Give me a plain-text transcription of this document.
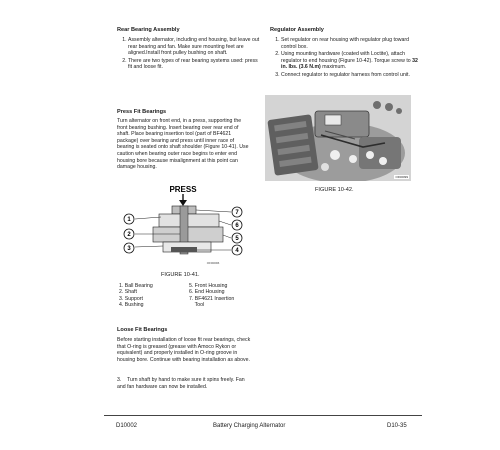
Rear Bearing Assembly
1. Assembly alternator, including end housing, but leave out rear bearing and fan. Make sure mounting feet are aligned.Install front pulley bushing on shaft.
2. There are two types of rear bearing systems used: press fit and loose fit.
Press Fit Bearings
Turn alternator on front end, in a press, supporting the front bearing bushing. Insert bearing over rear end of shaft. Place bearing insertion tool (part of BF4621 package) over bearing and press until inner race of bearing is seated onto shaft shoulder (Figure 10-41). Use caution when bearing outer race begins to enter end housing bore because misalignment at this point can damage housing.
PRESS
1
2
3	4
5
6
7
OF00096
FIGURE 10-41.
1. Ball Bearing
2. Shaft
3. Support
4. Bushing
5. Front Housing
6. End Housing
7. BF4621 Insertion
Tool
Loose Fit Bearings
Before starting installation of loose fit rear bearings, check that O-ring is greased (grease with Amoco Rykon or equivalent) and properly installed in O-ring groove in housing bore. Continue with bearing installation as above.
3. Turn shaft by hand to make sure it spins freely. Fan and fan hardware can now be installed.
Regulator Assembly
1. Set regulator on rear housing with regulator plug toward control box.
2. Using mounting hardware (coated with Loctite), attach regulator to end housing (Figure 10-42). Torque screw to 32 in. lbs. (3.6 N.m) maximum.
3. Connect regulator to regulator harness from control unit.
OF00099
FIGURE 10-42.
D10002	Battery Charging Alternator	D10-35
